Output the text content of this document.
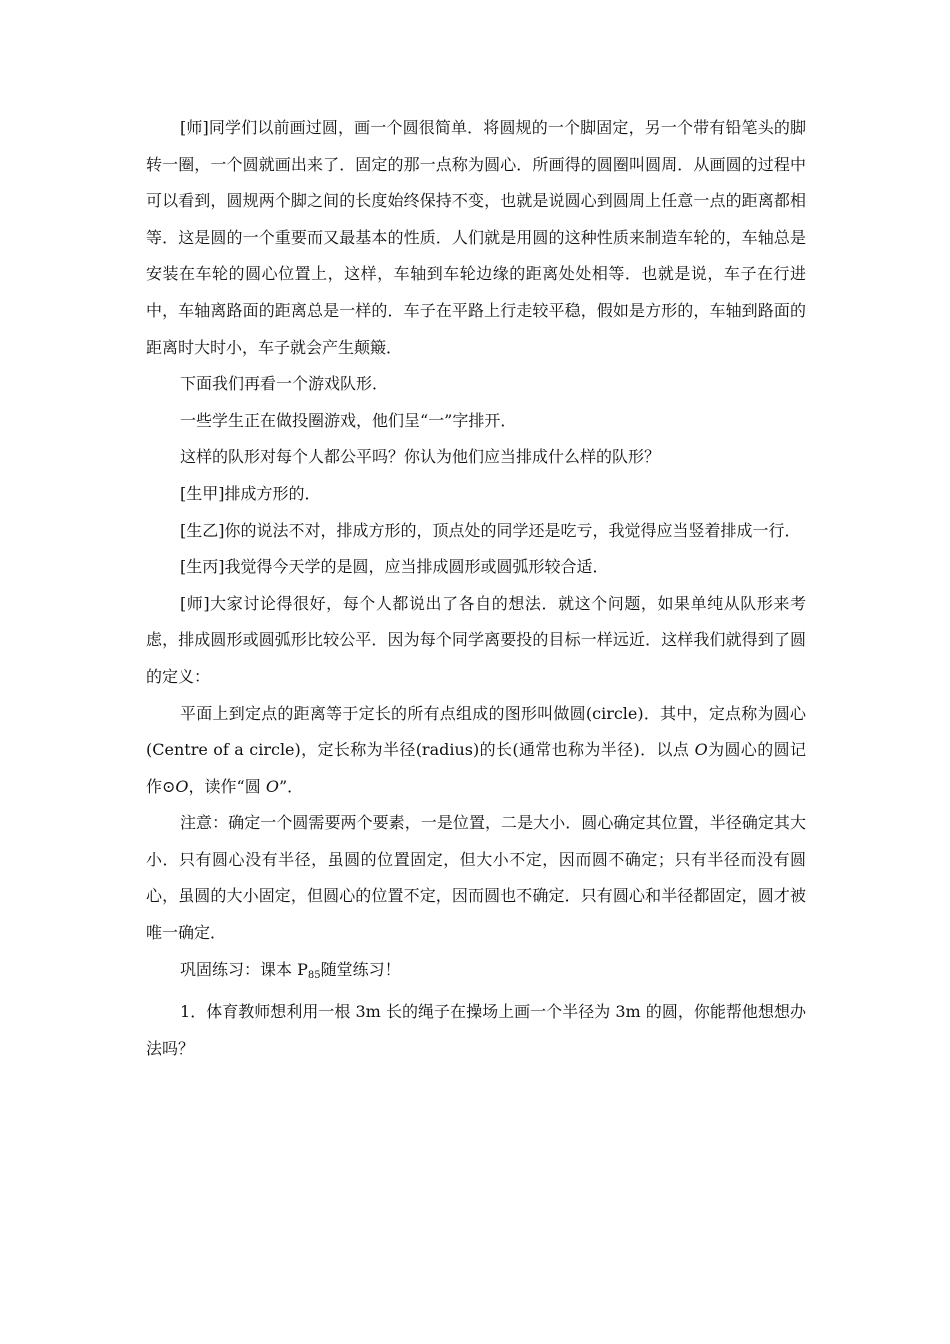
[师]同学们以前画过圆，画一个圆很简单．将圆规的一个脚固定，另一个带有铅笔头的脚转一圈，一个圆就画出来了．固定的那一点称为圆心．所画得的圆圈叫圆周．从画圆的过程中可以看到，圆规两个脚之间的长度始终保持不变，也就是说圆心到圆周上任意一点的距离都相等．这是圆的一个重要而又最基本的性质．人们就是用圆的这种性质来制造车轮的，车轴总是安装在车轮的圆心位置上，这样，车轴到车轮边缘的距离处处相等．也就是说，车子在行进中，车轴离路面的距离总是一样的．车子在平路上行走较平稳，假如是方形的，车轴到路面的距离时大时小，车子就会产生颠簸．

下面我们再看一个游戏队形．

一些学生正在做投圈游戏，他们呈“一”字排开．

这样的队形对每个人都公平吗？你认为他们应当排成什么样的队形？

[生甲]排成方形的．

[生乙]你的说法不对，排成方形的，顶点处的同学还是吃亏，我觉得应当竖着排成一行．

[生丙]我觉得今天学的是圆，应当排成圆形或圆弧形较合适．

[师]大家讨论得很好，每个人都说出了各自的想法．就这个问题，如果单纯从队形来考虑，排成圆形或圆弧形比较公平．因为每个同学离要投的目标一样远近．这样我们就得到了圆的定义：

平面上到定点的距离等于定长的所有点组成的图形叫做圆(circle)．其中，定点称为圆心(Centre of a circle)，定长称为半径(radius)的长(通常也称为半径)．以点 O为圆心的圆记作⊙O，读作“圆 O”．

注意：确定一个圆需要两个要素，一是位置，二是大小．圆心确定其位置，半径确定其大小．只有圆心没有半径，虽圆的位置固定，但大小不定，因而圆不确定；只有半径而没有圆心，虽圆的大小固定，但圆心的位置不定，因而圆也不确定．只有圆心和半径都固定，圆才被唯一确定．

巩固练习：课本 $P_{85}$随堂练习！

1．体育教师想利用一根 3m 长的绳子在操场上画一个半径为 3m 的圆，你能帮他想想办法吗？
